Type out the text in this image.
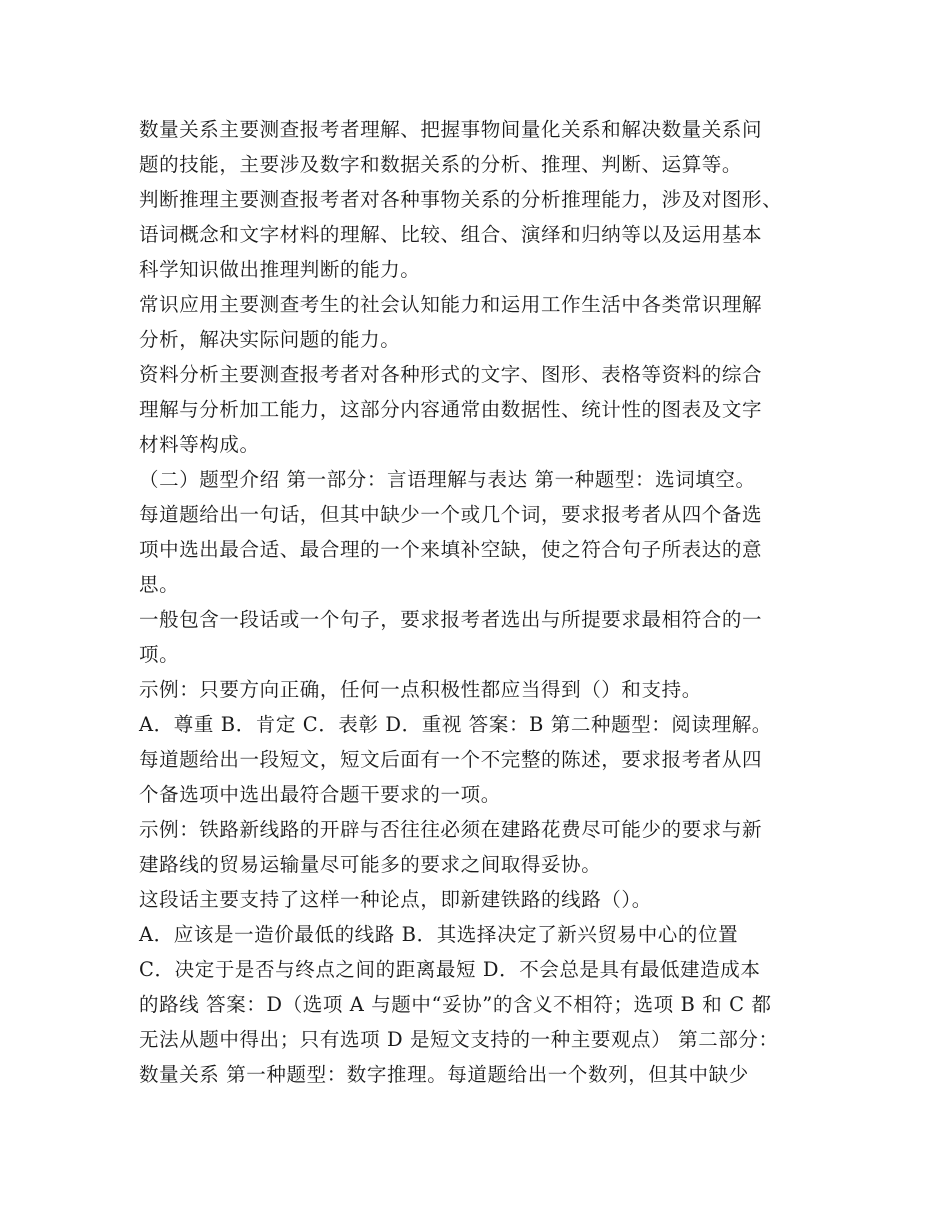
数量关系主要测查报考者理解、把握事物间量化关系和解决数量关系问
题的技能，主要涉及数字和数据关系的分析、推理、判断、运算等。
判断推理主要测查报考者对各种事物关系的分析推理能力，涉及对图形、
语词概念和文字材料的理解、比较、组合、演绎和归纳等以及运用基本
科学知识做出推理判断的能力。
常识应用主要测查考生的社会认知能力和运用工作生活中各类常识理解
分析，解决实际问题的能力。
资料分析主要测查报考者对各种形式的文字、图形、表格等资料的综合
理解与分析加工能力，这部分内容通常由数据性、统计性的图表及文字
材料等构成。
（二）题型介绍 第一部分：言语理解与表达 第一种题型：选词填空。
每道题给出一句话，但其中缺少一个或几个词，要求报考者从四个备选
项中选出最合适、最合理的一个来填补空缺，使之符合句子所表达的意
思。
一般包含一段话或一个句子，要求报考者选出与所提要求最相符合的一
项。
示例：只要方向正确，任何一点积极性都应当得到（）和支持。
A．尊重 B．肯定 C．表彰 D．重视 答案：B 第二种题型：阅读理解。
每道题给出一段短文，短文后面有一个不完整的陈述，要求报考者从四
个备选项中选出最符合题干要求的一项。
示例：铁路新线路的开辟与否往往必须在建路花费尽可能少的要求与新
建路线的贸易运输量尽可能多的要求之间取得妥协。
这段话主要支持了这样一种论点，即新建铁路的线路（）。
A．应该是一造价最低的线路 B．其选择决定了新兴贸易中心的位置
C．决定于是否与终点之间的距离最短 D．不会总是具有最低建造成本
的路线 答案：D（选项 A 与题中“妥协”的含义不相符；选项 B 和 C 都
无法从题中得出；只有选项 D 是短文支持的一种主要观点） 第二部分：
数量关系 第一种题型：数字推理。每道题给出一个数列，但其中缺少
